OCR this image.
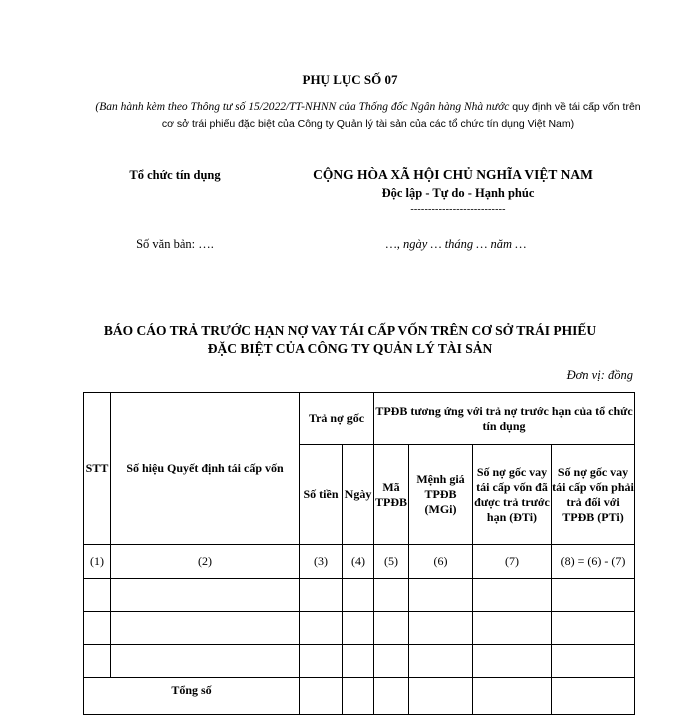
PHỤ LỤC SỐ 07
(Ban hành kèm theo Thông tư số 15/2022/TT-NHNN của Thống đốc Ngân hàng Nhà nước quy định về tái cấp vốn trên cơ sở trái phiếu đặc biệt của Công ty Quản lý tài sản của các tổ chức tín dụng Việt Nam)
Tổ chức tín dụng	CỘNG HÒA XÃ HỘI CHỦ NGHĨA VIỆT NAM
Độc lập - Tự do - Hạnh phúc
---------------------------
Số văn bản: ….	…, ngày … tháng … năm …
BÁO CÁO TRẢ TRƯỚC HẠN NỢ VAY TÁI CẤP VỐN TRÊN CƠ SỞ TRÁI PHIẾU
ĐẶC BIỆT CỦA CÔNG TY QUẢN LÝ TÀI SẢN
Đơn vị: đồng
STT	Số hiệu Quyết định tái cấp vốn	Trả nợ gốc		TPĐB tương ứng với trả nợ trước hạn của tổ chức tín dụng			
		Số tiền	Ngày	Mã TPĐB	Mệnh giá TPĐB (MGi)	Số nợ gốc vay tái cấp vốn đã được trả trước hạn (ĐTi)	Số nợ gốc vay tái cấp vốn phải trả đối với TPĐB (PTi)
(1)	(2)	(3)	(4)	(5)	(6)	(7)	(8) = (6) - (7)

Tổng số							
